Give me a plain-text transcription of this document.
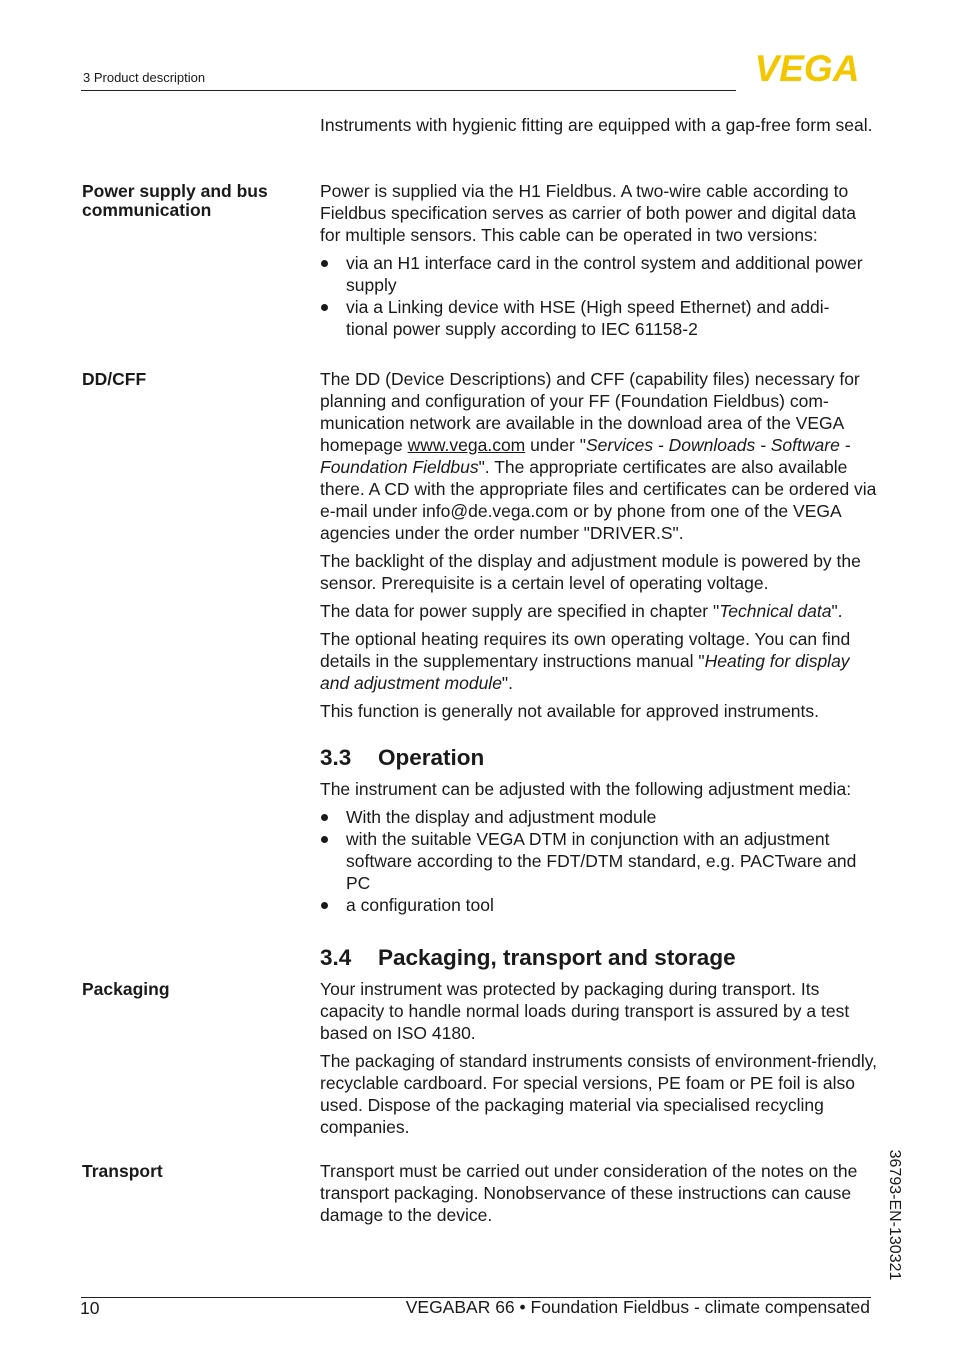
3 Product description	VEGA
Instruments with hygienic fitting are equipped with a gap-free form seal.
Power supply and bus
communication

Power is supplied via the H1 Fieldbus. A two-wire cable according to Fieldbus specification serves as carrier of both power and digital data for multiple sensors. This cable can be operated in two versions:

via an H1 interface card in the control system and additional power
supply
via a Linking device with HSE (High speed Ethernet) and addi-
tional power supply according to IEC 61158-2
DD/CFF	The DD (Device Descriptions) and CFF (capability files) necessary for planning and configuration of your FF (Foundation Fieldbus) com-munication network are available in the download area of the VEGA homepage www.vega.com under "Services - Downloads - Software - Foundation Fieldbus". The appropriate certificates are also available there. A CD with the appropriate files and certificates can be ordered via e-mail under info@de.vega.com or by phone from one of the VEGA agencies under the order number "DRIVER.S".

The backlight of the display and adjustment module is powered by the sensor. Prerequisite is a certain level of operating voltage.

The data for power supply are specified in chapter "Technical data".

The optional heating requires its own operating voltage. You can find details in the supplementary instructions manual "Heating for display and adjustment module".

This function is generally not available for approved instruments.

3.3 Operation

The instrument can be adjusted with the following adjustment media:

With the display and adjustment module
with the suitable VEGA DTM in conjunction with an adjustment software according to the FDT/DTM standard, e.g. PACTware and PC
a configuration tool
3.4 Packaging, transport and storage
Packaging	Your instrument was protected by packaging during transport. Its capacity to handle normal loads during transport is assured by a test based on ISO 4180.

The packaging of standard instruments consists of environment-friendly, recyclable cardboard. For special versions, PE foam or PE foil is also used. Dispose of the packaging material via specialised recycling companies.

Transport	Transport must be carried out under consideration of the notes on the transport packaging. Nonobservance of these instructions can cause damage to the device.
10	VEGABAR 66 • Foundation Fieldbus - climate compensated
36793-EN-130321
